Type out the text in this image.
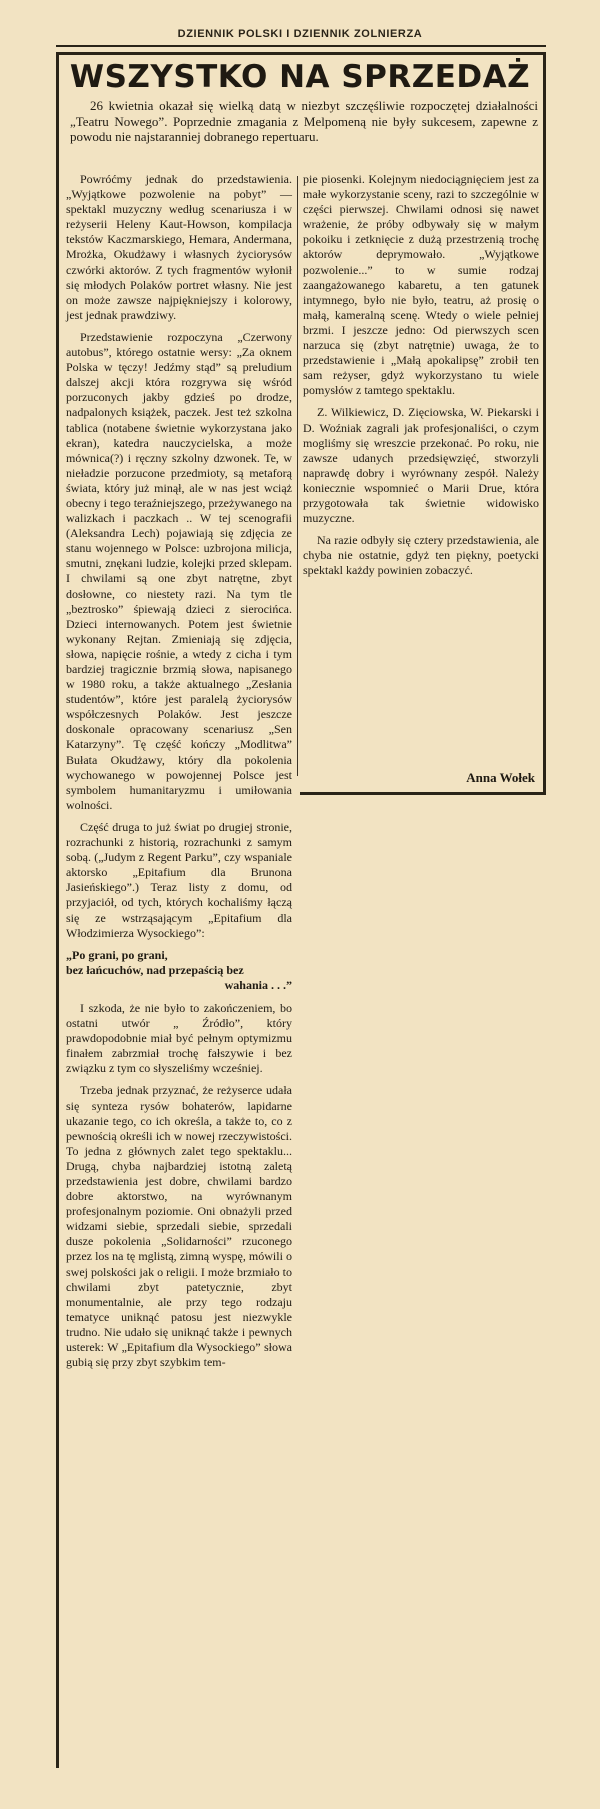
DZIENNIK POLSKI I DZIENNIK ZOLNIERZA
WSZYSTKO NA SPRZEDAŻ

26 kwietnia okazał się wielką datą w niezbyt szczęśliwie rozpoczętej działalności „Teatru Nowego”. Poprzednie zmagania z Melpomeną nie były sukcesem, zapewne z powodu nie najstaranniej dobranego repertuaru.

Powróćmy jednak do przedstawienia. „Wyjątkowe pozwolenie na pobyt” — spektakl muzyczny według scenariusza i w reżyserii Heleny Kaut-Howson, kompilacja tekstów Kaczmarskiego, Hemara, Andermana, Mrożka, Okudżawy i własnych życiorysów czwórki aktorów. Z tych fragmentów wyłonił się młodych Polaków portret własny. Nie jest on może zawsze najpiękniejszy i kolorowy, jest jednak prawdziwy.

Przedstawienie rozpoczyna „Czerwony autobus”, którego ostatnie wersy: „Za oknem Polska w tęczy! Jedźmy stąd” są preludium dalszej akcji która rozgrywa się wśród porzuconych jakby gdzieś po drodze, nadpalonych książek, paczek. Jest też szkolna tablica (notabene świetnie wykorzystana jako ekran), katedra nauczycielska, a może mównica(?) i ręczny szkolny dzwonek. Te, w nieładzie porzucone przedmioty, są metaforą świata, który już minął, ale w nas jest wciąż obecny i tego teraźniejszego, przeżywanego na walizkach i paczkach .. W tej scenografii (Aleksandra Lech) pojawiają się zdjęcia ze stanu wojennego w Polsce: uzbrojona milicja, smutni, znękani ludzie, kolejki przed sklepam. I chwilami są one zbyt natrętne, zbyt dosłowne, co niestety razi. Na tym tle „beztrosko” śpiewają dzieci z sierocińca. Dzieci internowanych. Potem jest świetnie wykonany Rejtan. Zmieniają się zdjęcia, słowa, napięcie rośnie, a wtedy z cicha i tym bardziej tragicznie brzmią słowa, napisanego w 1980 roku, a także aktualnego „Zesłania studentów”, które jest paralelą życiorysów współczesnych Polaków. Jest jeszcze doskonale opracowany scenariusz „Sen Katarzyny”. Tę część kończy „Modlitwa” Bułata Okudżawy, który dla pokolenia wychowanego w powojennej Polsce jest symbolem humanitaryzmu i umiłowania wolności.

Część druga to już świat po drugiej stronie, rozrachunki z historią, rozrachunki z samym sobą. („Judym z Regent Parku”, czy wspaniale aktorsko „Epitafium dla Brunona Jasieńskiego”.) Teraz listy z domu, od przyjaciół, od tych, których kochaliśmy łączą się ze wstrząsającym „Epitafium dla Włodzimierza Wysockiego”:

„Po grani, po grani,
bez łańcuchów, nad przepaścią bez
wahania . . .”

I szkoda, że nie było to zakończeniem, bo ostatni utwór „ Źródło”, który prawdopodobnie miał być pełnym optymizmu finałem zabrzmiał trochę fałszywie i bez związku z tym co słyszeliśmy wcześniej.

Trzeba jednak przyznać, że reżyserce udała się synteza rysów bohaterów, lapidarne ukazanie tego, co ich określa, a także to, co z pewnością określi ich w nowej rzeczywistości. To jedna z głównych zalet tego spektaklu... Drugą, chyba najbardziej istotną zaletą przedstawienia jest dobre, chwilami bardzo dobre aktorstwo, na wyrównanym profesjonalnym poziomie. Oni obnażyli przed widzami siebie, sprzedali siebie, sprzedali dusze pokolenia „Solidarności” rzuconego przez los na tę mglistą, zimną wyspę, mówili o swej polskości jak o religii. I może brzmiało to chwilami zbyt patetycznie, zbyt monumentalnie, ale przy tego rodzaju tematyce uniknąć patosu jest niezwykle trudno. Nie udało się uniknąć także i pewnych usterek: W „Epitafium dla Wysockiego” słowa gubią się przy zbyt szybkim tem-

pie piosenki. Kolejnym niedociągnięciem jest za małe wykorzystanie sceny, razi to szczególnie w części pierwszej. Chwilami odnosi się nawet wrażenie, że próby odbywały się w małym pokoiku i zetknięcie z dużą przestrzenią trochę aktorów deprymowało. „Wyjątkowe pozwolenie...” to w sumie rodzaj zaangażowanego kabaretu, a ten gatunek intymnego, było nie było, teatru, aż prosię o małą, kameralną scenę. Wtedy o wiele pełniej brzmi. I jeszcze jedno: Od pierwszych scen narzuca się (zbyt natrętnie) uwaga, że to przedstawienie i „Małą apokalipsę” zrobił ten sam reżyser, gdyż wykorzystano tu wiele pomysłów z tamtego spektaklu.

Z. Wilkiewicz, D. Zięciowska, W. Piekarski i D. Woźniak zagrali jak profesjonaliści, o czym mogliśmy się wreszcie przekonać. Po roku, nie zawsze udanych przedsięwzięć, stworzyli naprawdę dobry i wyrównany zespół. Należy koniecznie wspomnieć o Marii Drue, która przygotowała tak świetnie widowisko muzyczne.

Na razie odbyły się cztery przedstawienia, ale chyba nie ostatnie, gdyż ten piękny, poetycki spektakl każdy powinien zobaczyć.

Anna Wołek
